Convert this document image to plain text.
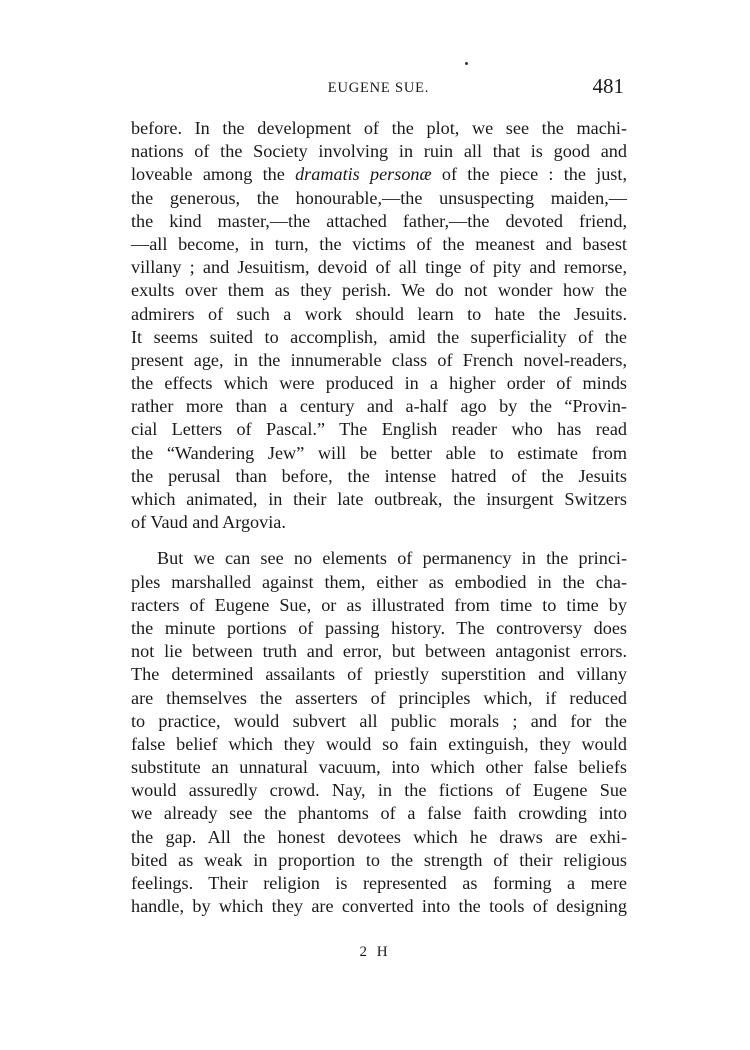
EUGENE SUE.	481
before. In the development of the plot, we see the machi-
nations of the Society involving in ruin all that is good and
loveable among the dramatis personæ of the piece : the just,
the generous, the honourable,—the unsuspecting maiden,—
the kind master,—the attached father,—the devoted friend,
—all become, in turn, the victims of the meanest and basest
villany ; and Jesuitism, devoid of all tinge of pity and remorse,
exults over them as they perish. We do not wonder how the
admirers of such a work should learn to hate the Jesuits.
It seems suited to accomplish, amid the superficiality of the
present age, in the innumerable class of French novel-readers,
the effects which were produced in a higher order of minds
rather more than a century and a-half ago by the “Provin-
cial Letters of Pascal.” The English reader who has read
the “Wandering Jew” will be better able to estimate from
the perusal than before, the intense hatred of the Jesuits
which animated, in their late outbreak, the insurgent Switzers
of Vaud and Argovia.
But we can see no elements of permanency in the princi-
ples marshalled against them, either as embodied in the cha-
racters of Eugene Sue, or as illustrated from time to time by
the minute portions of passing history. The controversy does
not lie between truth and error, but between antagonist errors.
The determined assailants of priestly superstition and villany
are themselves the asserters of principles which, if reduced
to practice, would subvert all public morals ; and for the
false belief which they would so fain extinguish, they would
substitute an unnatural vacuum, into which other false beliefs
would assuredly crowd. Nay, in the fictions of Eugene Sue
we already see the phantoms of a false faith crowding into
the gap. All the honest devotees which he draws are exhi-
bited as weak in proportion to the strength of their religious
feelings. Their religion is represented as forming a mere
handle, by which they are converted into the tools of designing
2 H
